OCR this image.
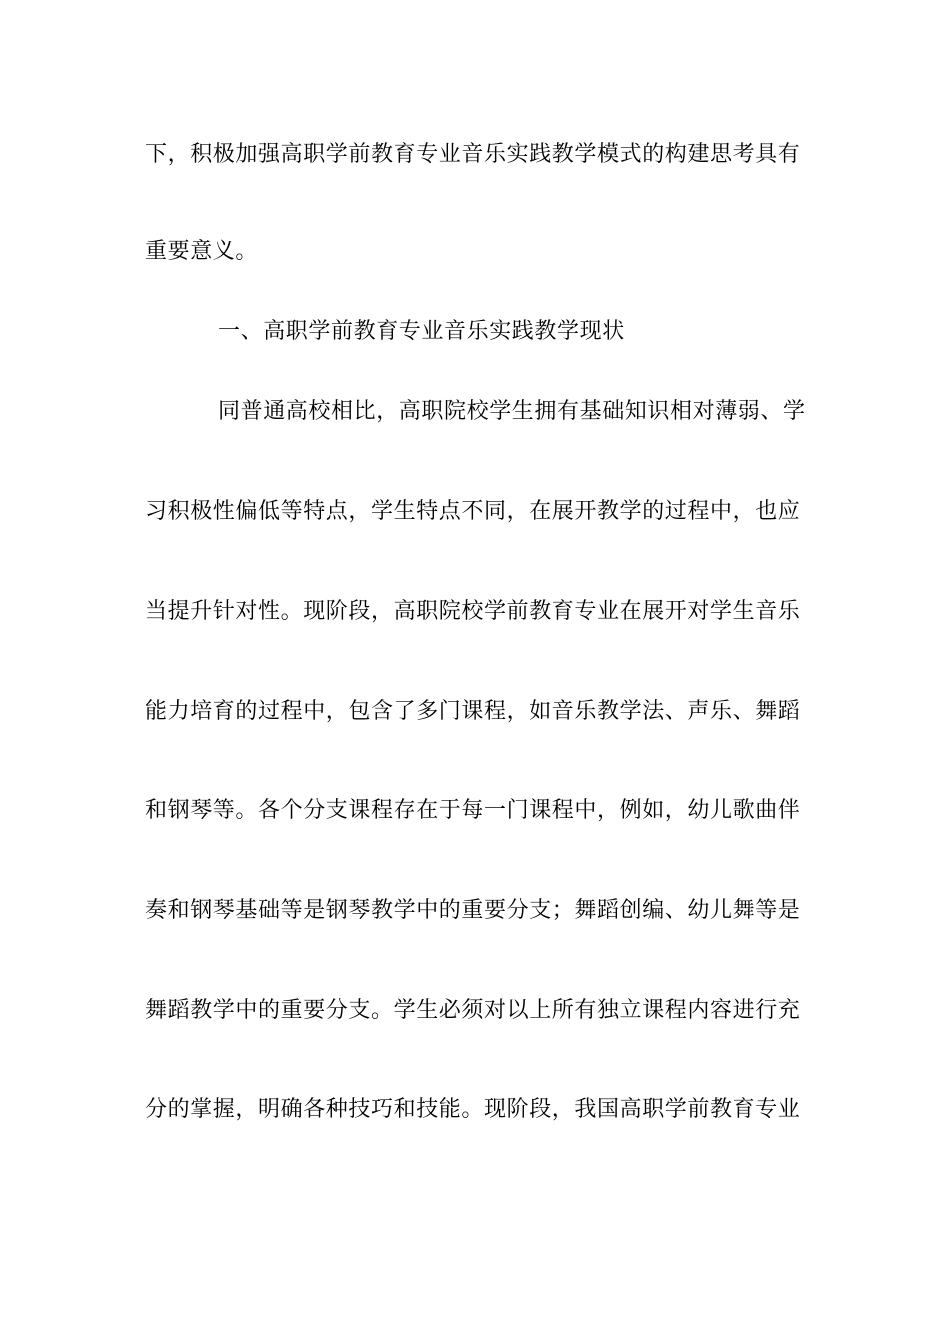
下，积极加强高职学前教育专业音乐实践教学模式的构建思考具有
重要意义。
一、高职学前教育专业音乐实践教学现状
同普通高校相比，高职院校学生拥有基础知识相对薄弱、学
习积极性偏低等特点，学生特点不同，在展开教学的过程中，也应
当提升针对性。现阶段，高职院校学前教育专业在展开对学生音乐
能力培育的过程中，包含了多门课程，如音乐教学法、声乐、舞蹈
和钢琴等。各个分支课程存在于每一门课程中，例如，幼儿歌曲伴
奏和钢琴基础等是钢琴教学中的重要分支；舞蹈创编、幼儿舞等是
舞蹈教学中的重要分支。学生必须对以上所有独立课程内容进行充
分的掌握，明确各种技巧和技能。现阶段，我国高职学前教育专业
